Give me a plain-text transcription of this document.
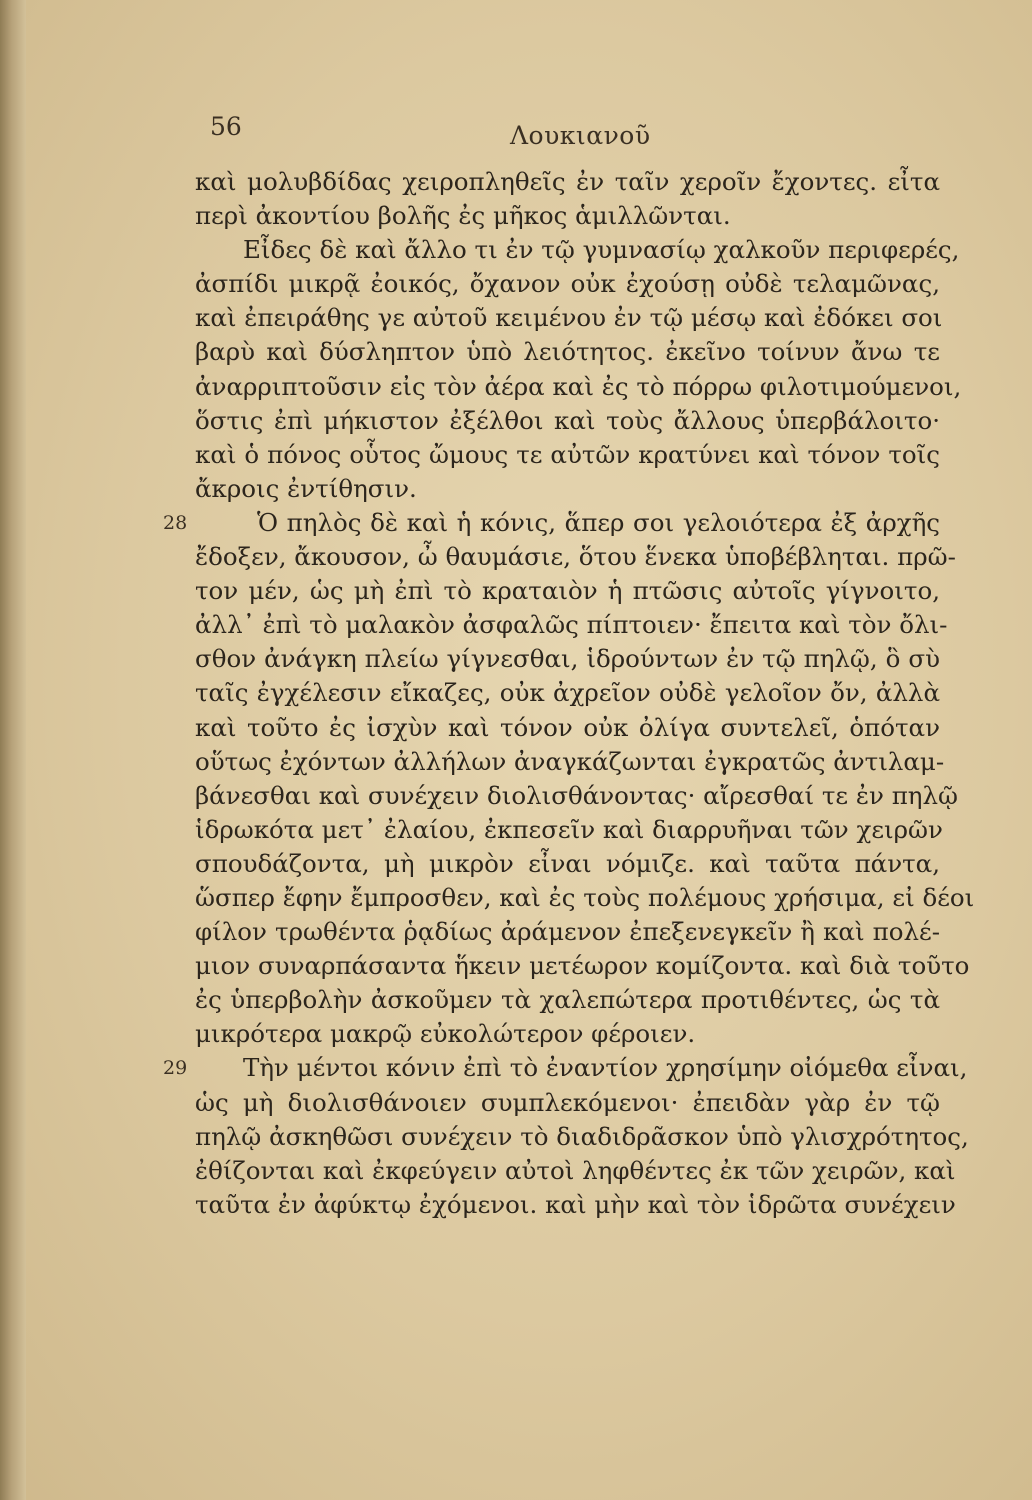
56	Λουκιανοῦ
καὶ μολυβδίδας χειροπληθεῖς ἐν ταῖν χεροῖν ἔχοντες. εἶτα
περὶ ἀκοντίου βολῆς ἐς μῆκος ἁμιλλῶνται.
Εἶδες δὲ καὶ ἄλλο τι ἐν τῷ γυμνασίῳ χαλκοῦν περιφερές,
ἀσπίδι μικρᾷ ἐοικός, ὄχανον οὐκ ἐχούσῃ οὐδὲ τελαμῶνας,
καὶ ἐπειράθης γε αὐτοῦ κειμένου ἐν τῷ μέσῳ καὶ ἐδόκει σοι
βαρὺ καὶ δύσληπτον ὑπὸ λειότητος. ἐκεῖνο τοίνυν ἄνω τε
ἀναρριπτοῦσιν εἰς τὸν ἀέρα καὶ ἐς τὸ πόρρω φιλοτιμούμενοι,
ὅστις ἐπὶ μήκιστον ἐξέλθοι καὶ τοὺς ἄλλους ὑπερβάλοιτο·
καὶ ὁ πόνος οὗτος ὤμους τε αὐτῶν κρατύνει καὶ τόνον τοῖς
ἄκροις ἐντίθησιν.
28	Ὁ πηλὸς δὲ καὶ ἡ κόνις, ἅπερ σοι γελοιότερα ἐξ ἀρχῆς
ἔδοξεν, ἄκουσον, ὦ θαυμάσιε, ὅτου ἕνεκα ὑποβέβληται. πρῶ-
τον μέν, ὡς μὴ ἐπὶ τὸ κραταιὸν ἡ πτῶσις αὐτοῖς γίγνοιτο,
ἀλλ᾽ ἐπὶ τὸ μαλακὸν ἀσφαλῶς πίπτοιεν· ἔπειτα καὶ τὸν ὄλι-
σθον ἀνάγκη πλείω γίγνεσθαι, ἱδρούντων ἐν τῷ πηλῷ, ὃ σὺ
ταῖς ἐγχέλεσιν εἴκαζες, οὐκ ἀχρεῖον οὐδὲ γελοῖον ὄν, ἀλλὰ
καὶ τοῦτο ἐς ἰσχὺν καὶ τόνον οὐκ ὀλίγα συντελεῖ, ὁπόταν
οὕτως ἐχόντων ἀλλήλων ἀναγκάζωνται ἐγκρατῶς ἀντιλαμ-
βάνεσθαι καὶ συνέχειν διολισθάνοντας· αἴρεσθαί τε ἐν πηλῷ
ἱδρωκότα μετ᾽ ἐλαίου, ἐκπεσεῖν καὶ διαρρυῆναι τῶν χειρῶν
σπουδάζοντα, μὴ μικρὸν εἶναι νόμιζε. καὶ ταῦτα πάντα,
ὥσπερ ἔφην ἔμπροσθεν, καὶ ἐς τοὺς πολέμους χρήσιμα, εἰ δέοι
φίλον τρωθέντα ῥᾳδίως ἀράμενον ἐπεξενεγκεῖν ἢ καὶ πολέ-
μιον συναρπάσαντα ἥκειν μετέωρον κομίζοντα. καὶ διὰ τοῦτο
ἐς ὑπερβολὴν ἀσκοῦμεν τὰ χαλεπώτερα προτιθέντες, ὡς τὰ
μικρότερα μακρῷ εὐκολώτερον φέροιεν.
29 Τὴν μέντοι κόνιν ἐπὶ τὸ ἐναντίον χρησίμην οἰόμεθα εἶναι,
ὡς μὴ διολισθάνοιεν συμπλεκόμενοι· ἐπειδὰν γὰρ ἐν τῷ
πηλῷ ἀσκηθῶσι συνέχειν τὸ διαδιδρᾶσκον ὑπὸ γλισχρότητος,
ἐθίζονται καὶ ἐκφεύγειν αὐτοὶ ληφθέντες ἐκ τῶν χειρῶν, καὶ
ταῦτα ἐν ἀφύκτῳ ἐχόμενοι. καὶ μὴν καὶ τὸν ἱδρῶτα συνέχειν
